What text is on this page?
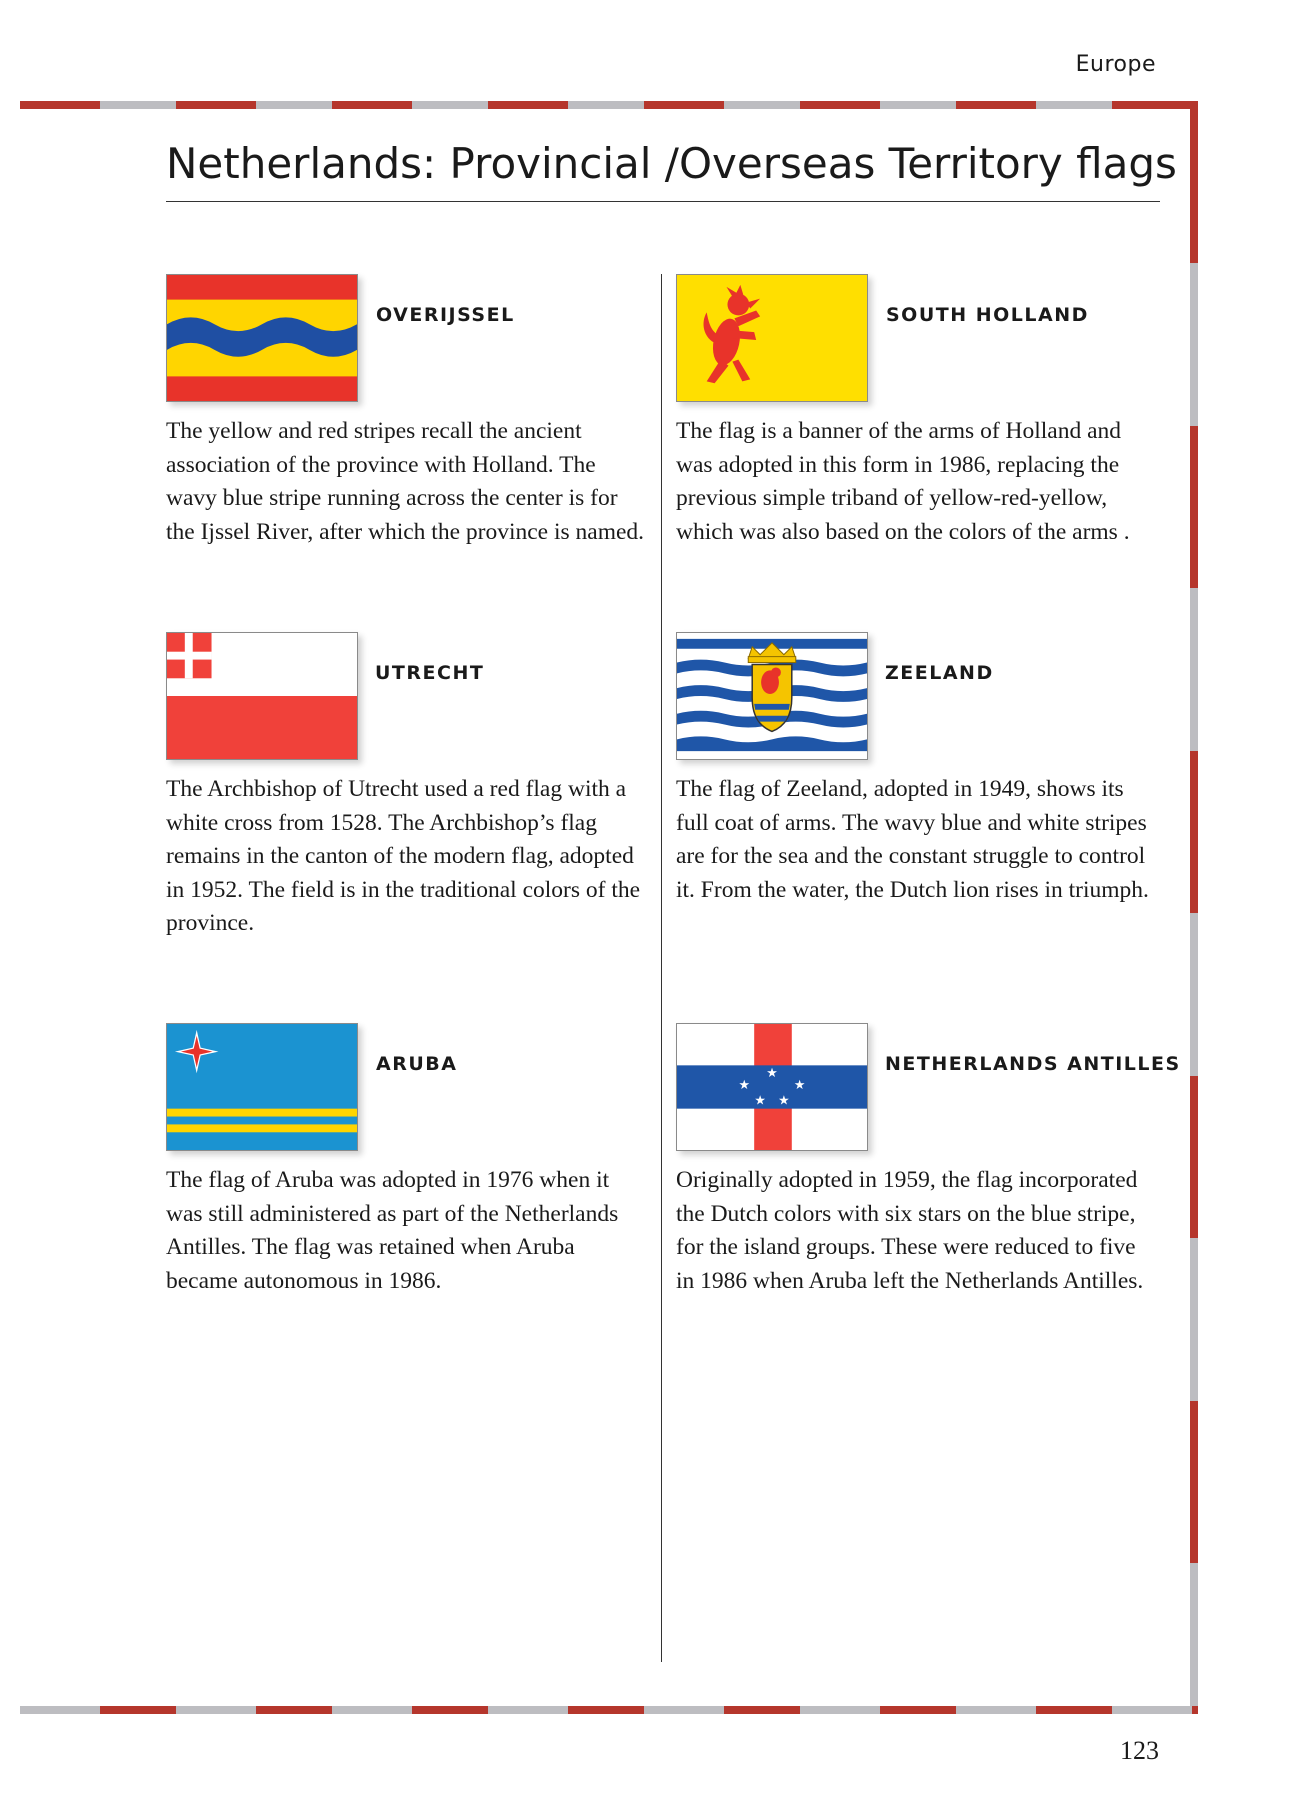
Europe
Netherlands: Provincial /Overseas Territory flags
OVERIJSSEL

The yellow and red stripes recall the ancient association of the province with Holland. The wavy blue stripe running across the center is for the Ijssel River, after which the province is named.

SOUTH HOLLAND

The flag is a banner of the arms of Holland and was adopted in this form in 1986, replacing the previous simple triband of yellow-red-yellow, which was also based on the colors of the arms .

UTRECHT

The Archbishop of Utrecht used a red flag with a white cross from 1528. The Archbishop’s flag remains in the canton of the modern flag, adopted in 1952. The field is in the traditional colors of the province.

ZEELAND

The flag of Zeeland, adopted in 1949, shows its full coat of arms. The wavy blue and white stripes are for the sea and the constant struggle to control it. From the water, the Dutch lion rises in triumph.

ARUBA

The flag of Aruba was adopted in 1976 when it was still administered as part of the Netherlands Antilles. The flag was retained when Aruba became autonomous in 1986.

★
★	★
★ ★
NETHERLANDS ANTILLES

Originally adopted in 1959, the flag incorporated the Dutch colors with six stars on the blue stripe, for the island groups. These were reduced to five in 1986 when Aruba left the Netherlands Antilles.

123
